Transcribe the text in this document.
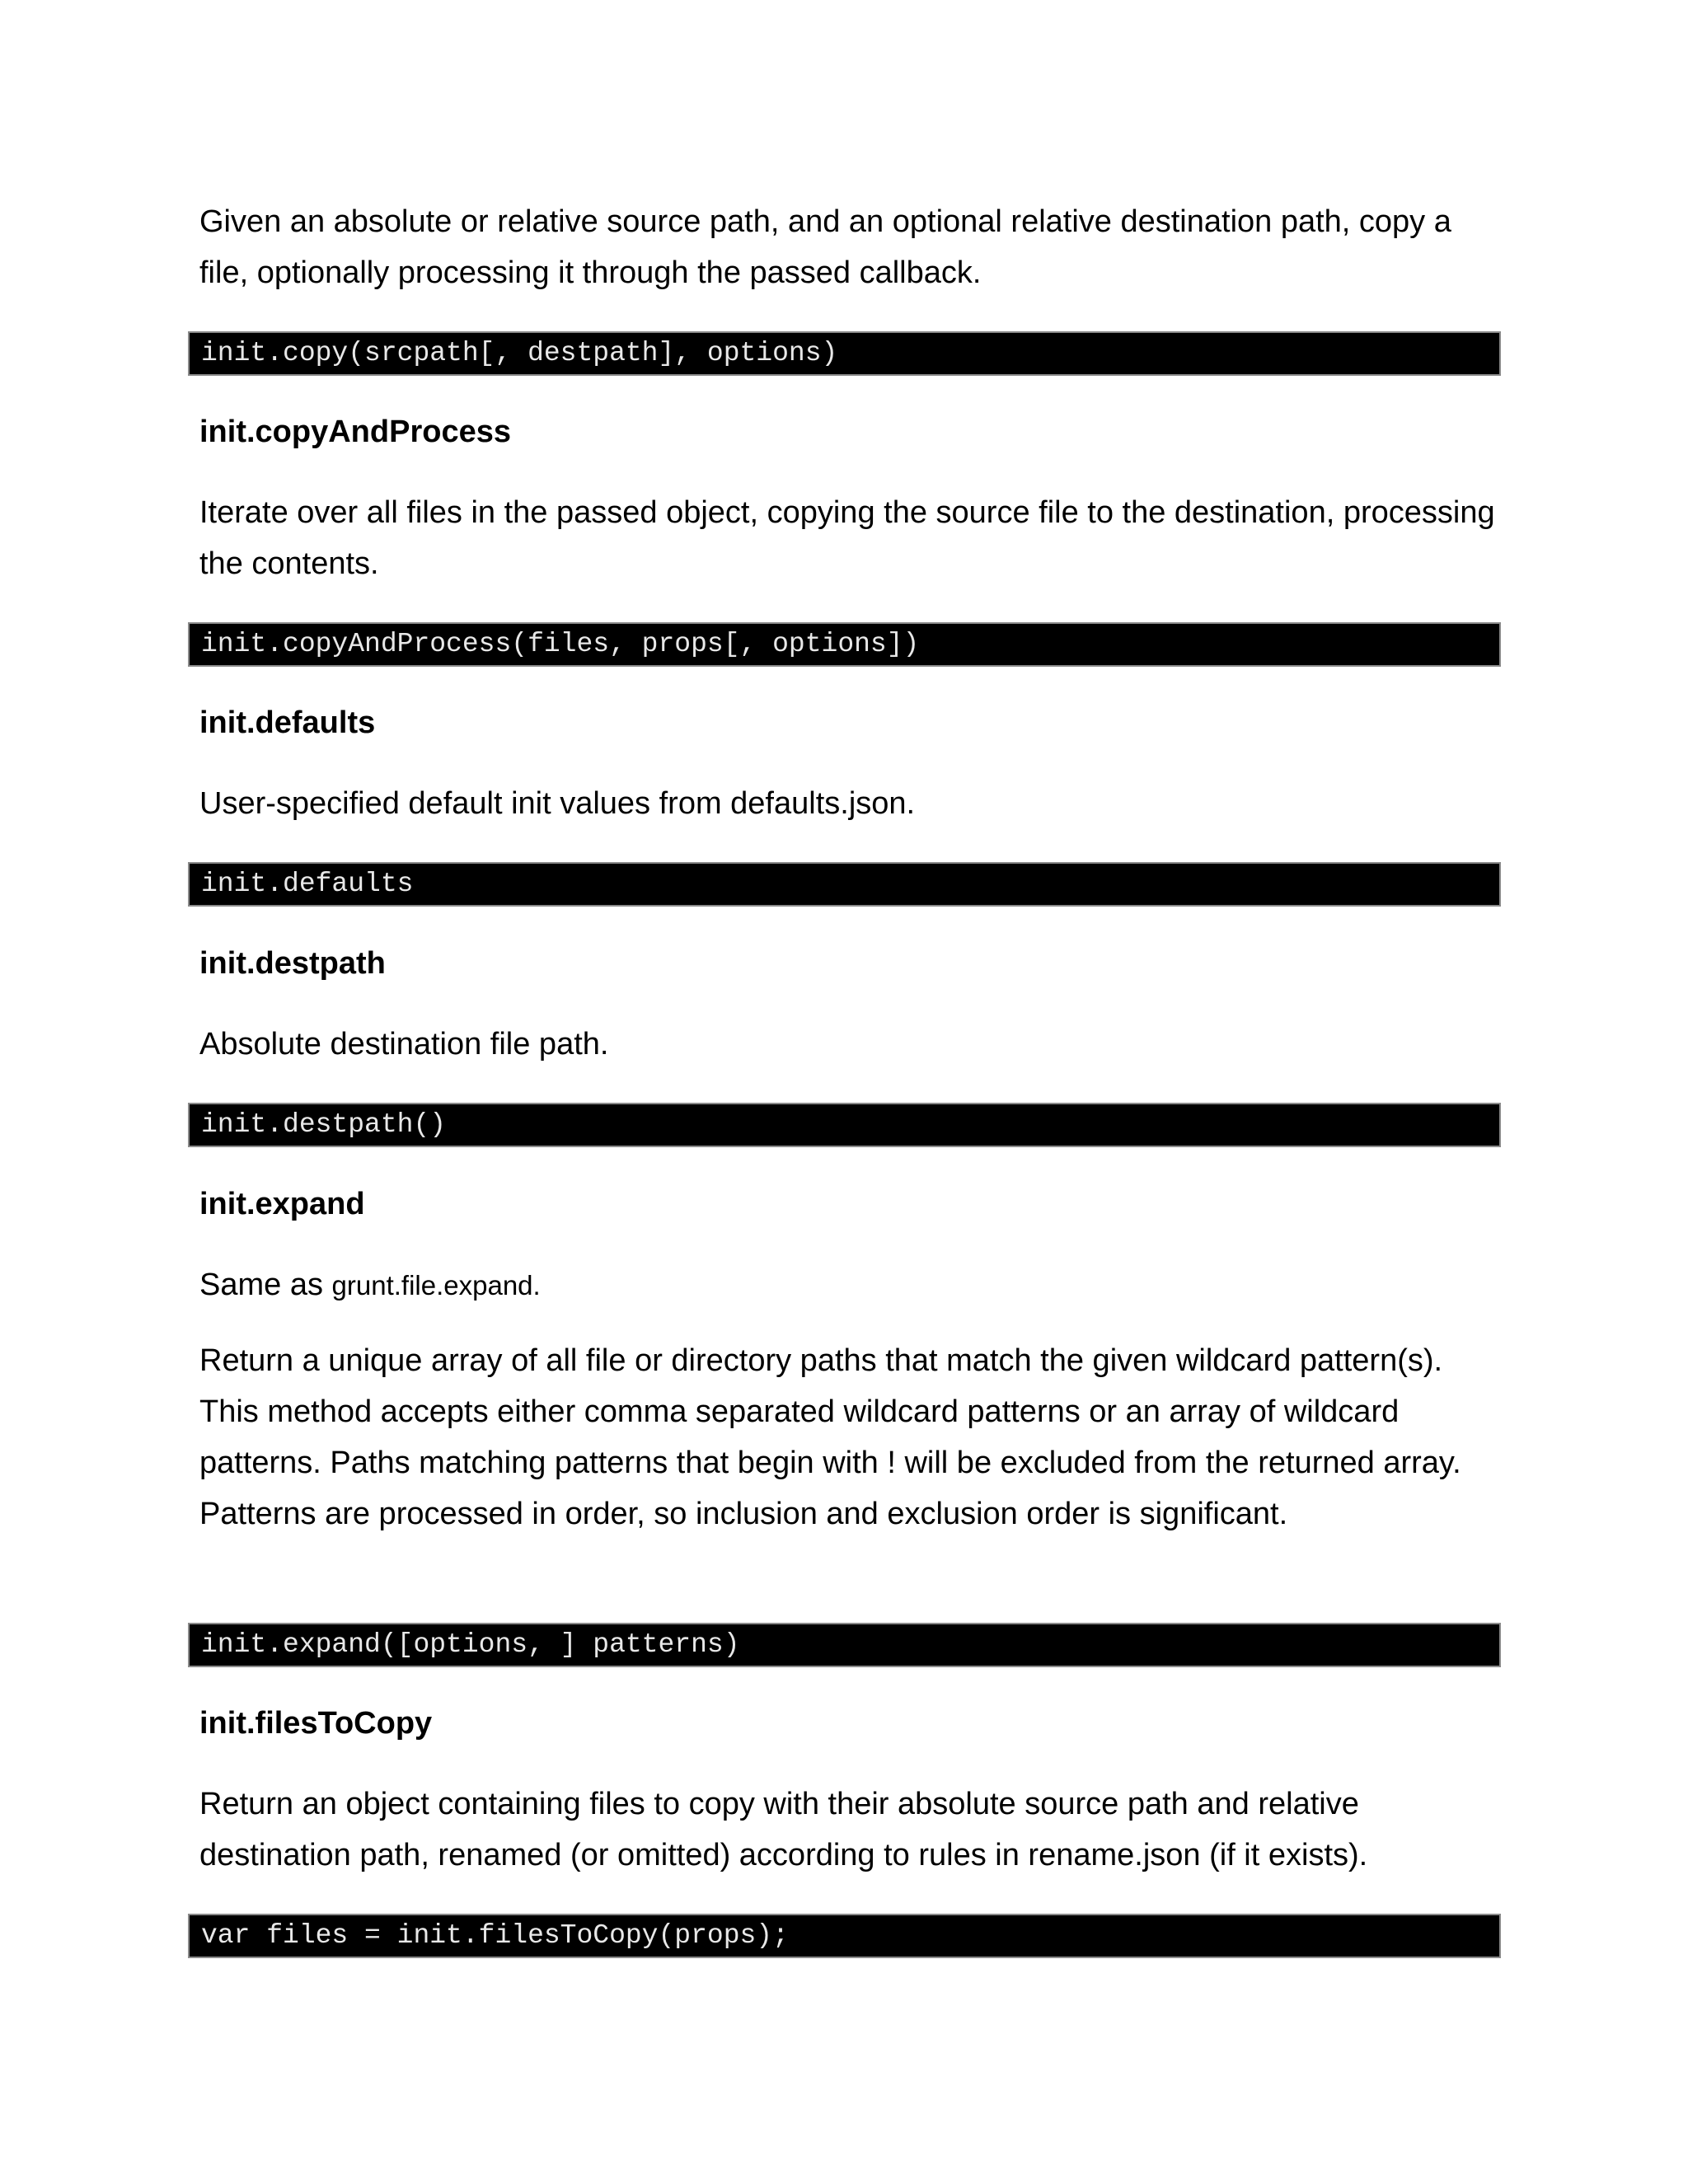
Given an absolute or relative source path, and an optional relative destination path, copy a file, optionally processing it through the passed callback.

init.copy(srcpath[, destpath], options)
init.copyAndProcess

Iterate over all files in the passed object, copying the source file to the destination, processing the contents.

init.copyAndProcess(files, props[, options])
init.defaults

User-specified default init values from defaults.json.

init.defaults
init.destpath

Absolute destination file path.

init.destpath()
init.expand

Same as grunt.file.expand.

Return a unique array of all file or directory paths that match the given wildcard pattern(s). This method accepts either comma separated wildcard patterns or an array of wildcard patterns. Paths matching patterns that begin with ! will be excluded from the returned array. Patterns are processed in order, so inclusion and exclusion order is significant.

init.expand([options, ] patterns)
init.filesToCopy

Return an object containing files to copy with their absolute source path and relative destination path, renamed (or omitted) according to rules in rename.json (if it exists).

var files = init.filesToCopy(props);
